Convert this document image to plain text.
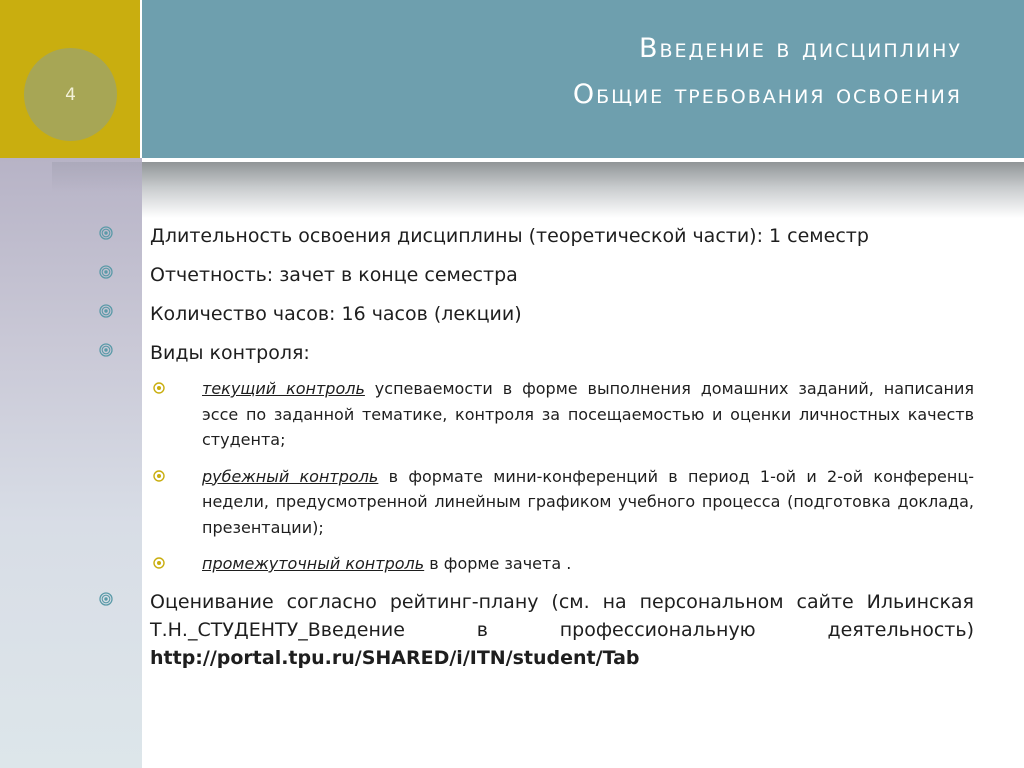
4
Введение в дисциплину
Общие требования освоения
Длительность освоения дисциплины (теоретической части): 1 семестр
Отчетность: зачет в конце семестра
Количество часов: 16 часов (лекции)
Виды контроля:
текущий контроль успеваемости в форме выполнения домашних заданий, написания эссе по заданной тематике, контроля за посещаемостью и оценки личностных качеств студента;
рубежный контроль в формате мини-конференций в период 1-ой и 2-ой конференц-недели, предусмотренной линейным графиком учебного процесса (подготовка доклада, презентации);
промежуточный контроль в форме зачета .
Оценивание согласно рейтинг-плану (см. на персональном сайте Ильинская Т.Н._СТУДЕНТУ_Введение в профессиональную деятельность) http://portal.tpu.ru/SHARED/i/ITN/student/Tab
